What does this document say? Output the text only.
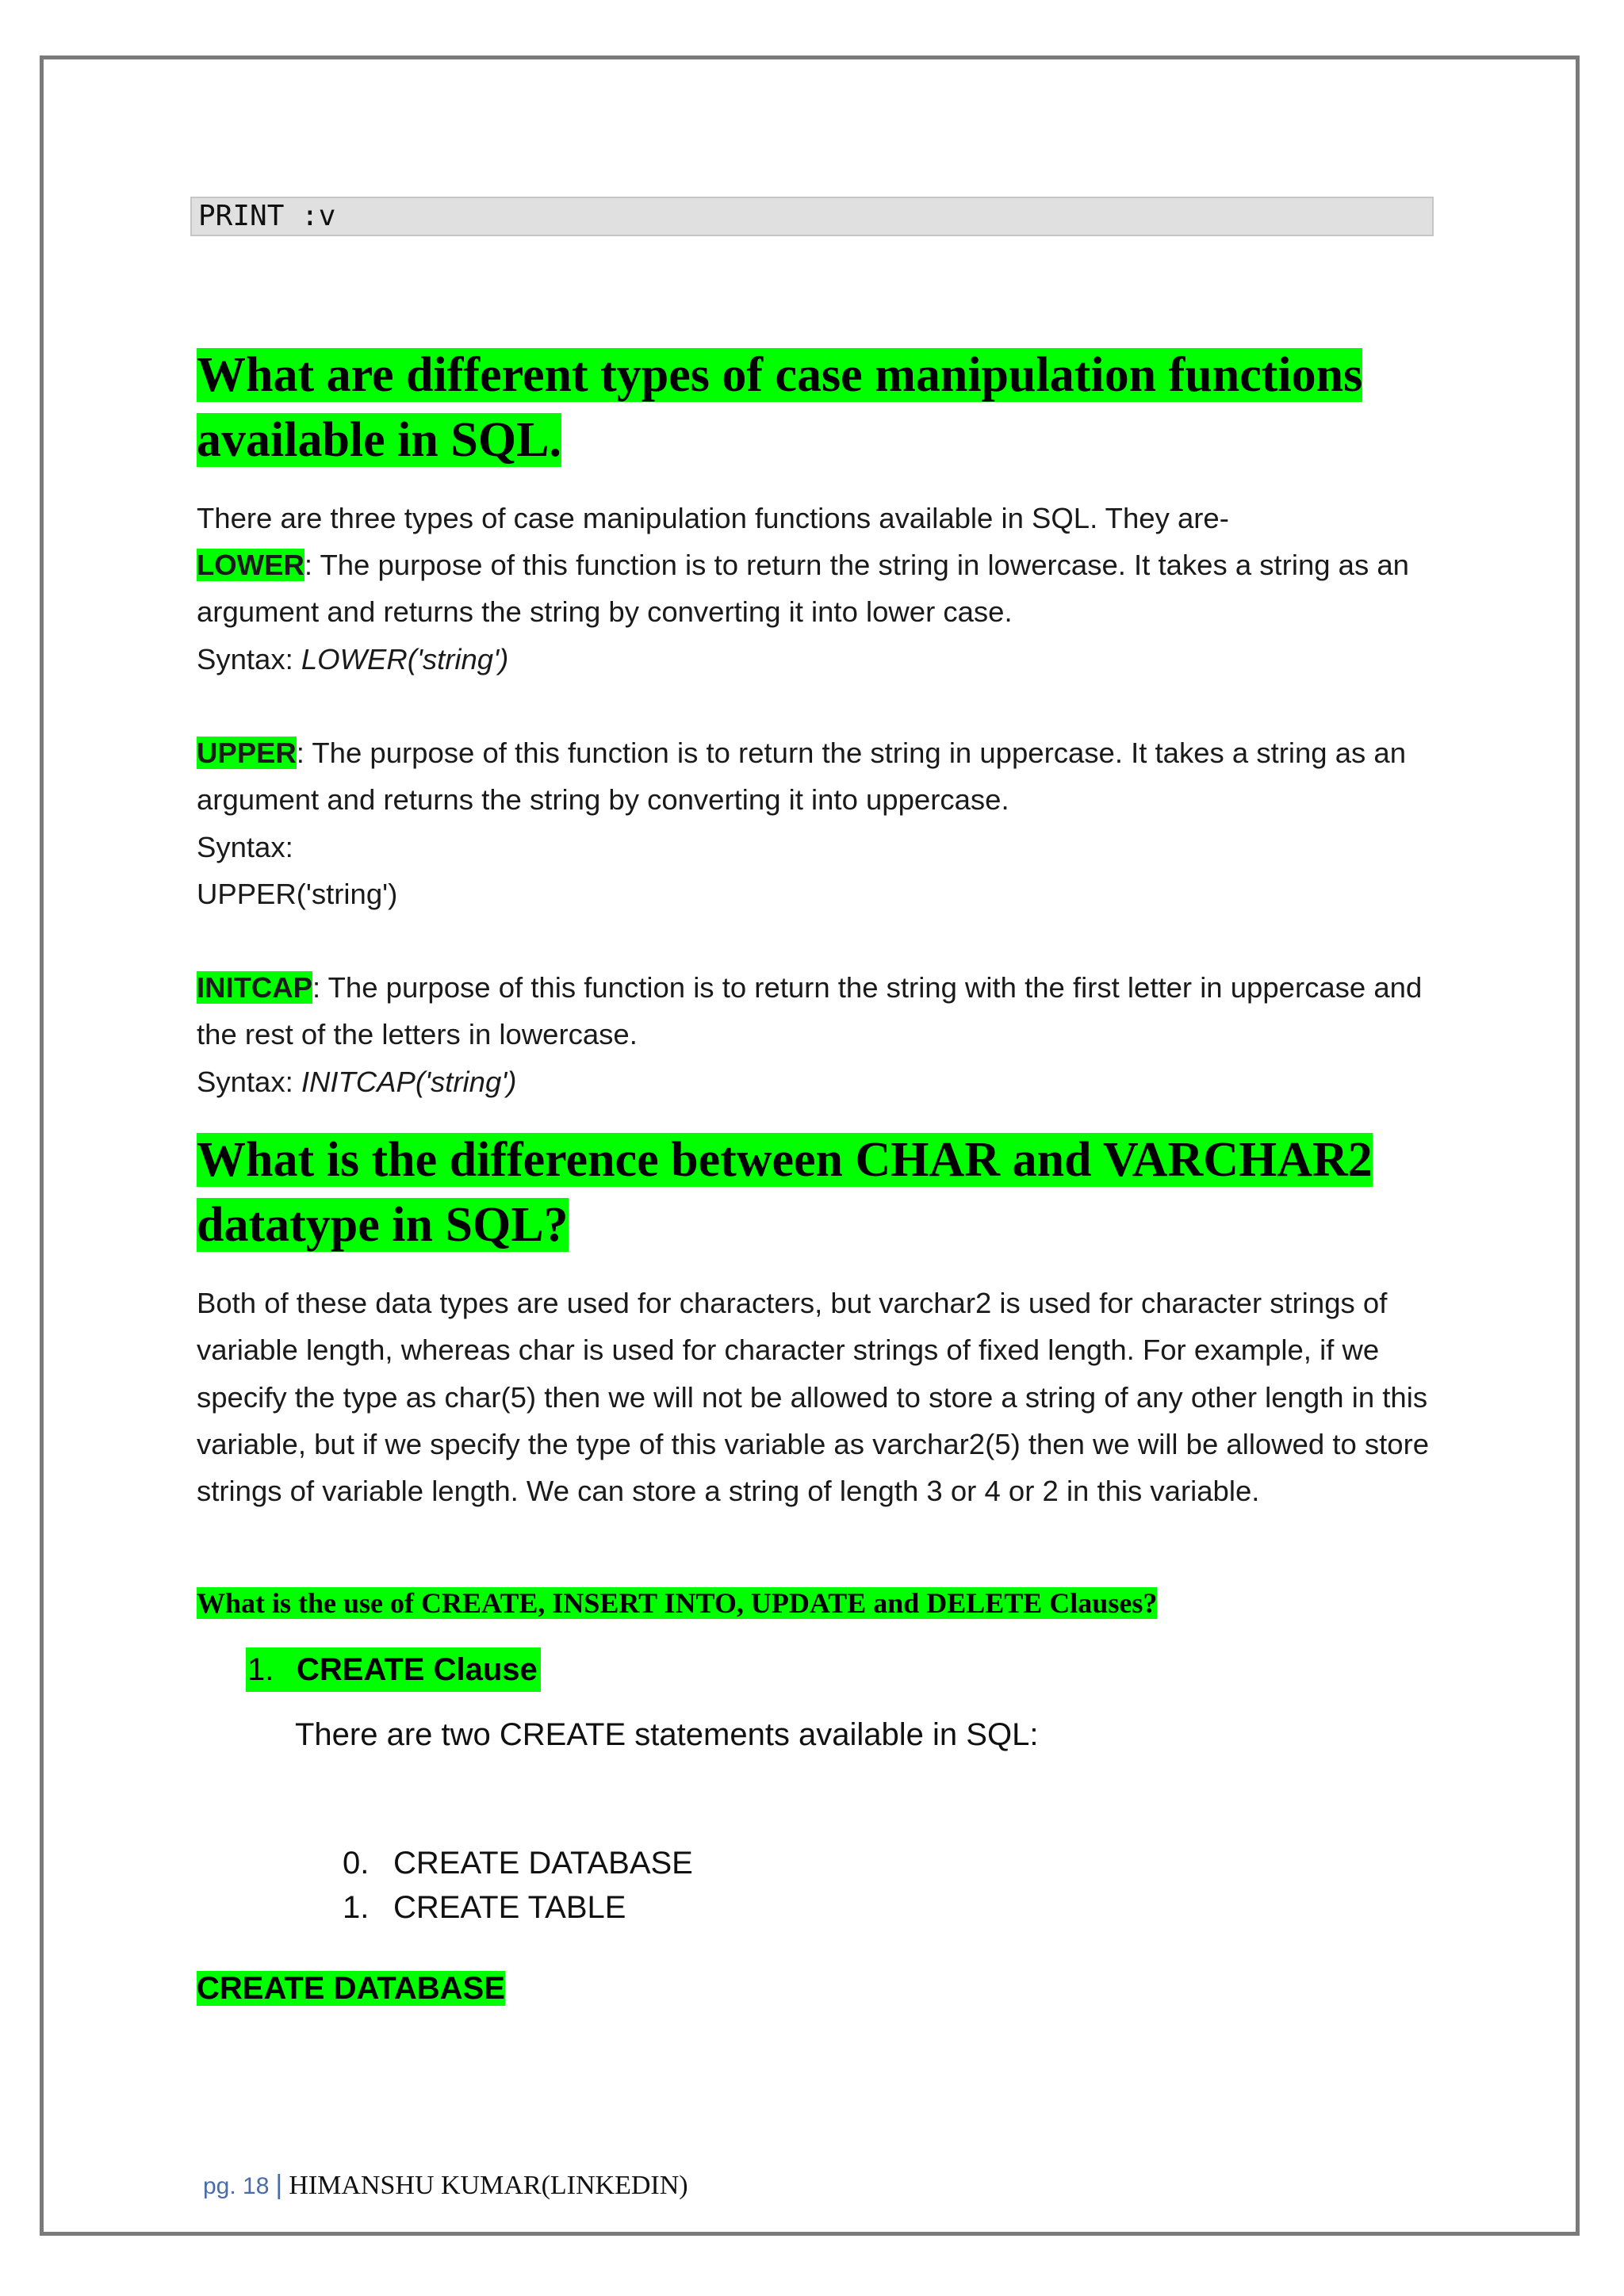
PRINT :v
What are different types of case manipulation functions
available in SQL.

There are three types of case manipulation functions available in SQL. They are-

LOWER: The purpose of this function is to return the string in lowercase. It takes a string as an argument and returns the string by converting it into lower case.
Syntax: LOWER('string')

UPPER: The purpose of this function is to return the string in uppercase. It takes a string as an argument and returns the string by converting it into uppercase.
Syntax:
UPPER('string')

INITCAP: The purpose of this function is to return the string with the first letter in uppercase and the rest of the letters in lowercase.
Syntax: INITCAP('string')

What is the difference between CHAR and VARCHAR2
datatype in SQL?

Both of these data types are used for characters, but varchar2 is used for character strings of variable length, whereas char is used for character strings of fixed length. For example, if we specify the type as char(5) then we will not be allowed to store a string of any other length in this variable, but if we specify the type of this variable as varchar2(5) then we will be allowed to store strings of variable length. We can store a string of length 3 or 4 or 2 in this variable.

What is the use of CREATE, INSERT INTO, UPDATE and DELETE Clauses?
1. CREATE Clause

There are two CREATE statements available in SQL:

0. CREATE DATABASE
1. CREATE TABLE
CREATE DATABASE
pg. 18 | HIMANSHU KUMAR(LINKEDIN)
